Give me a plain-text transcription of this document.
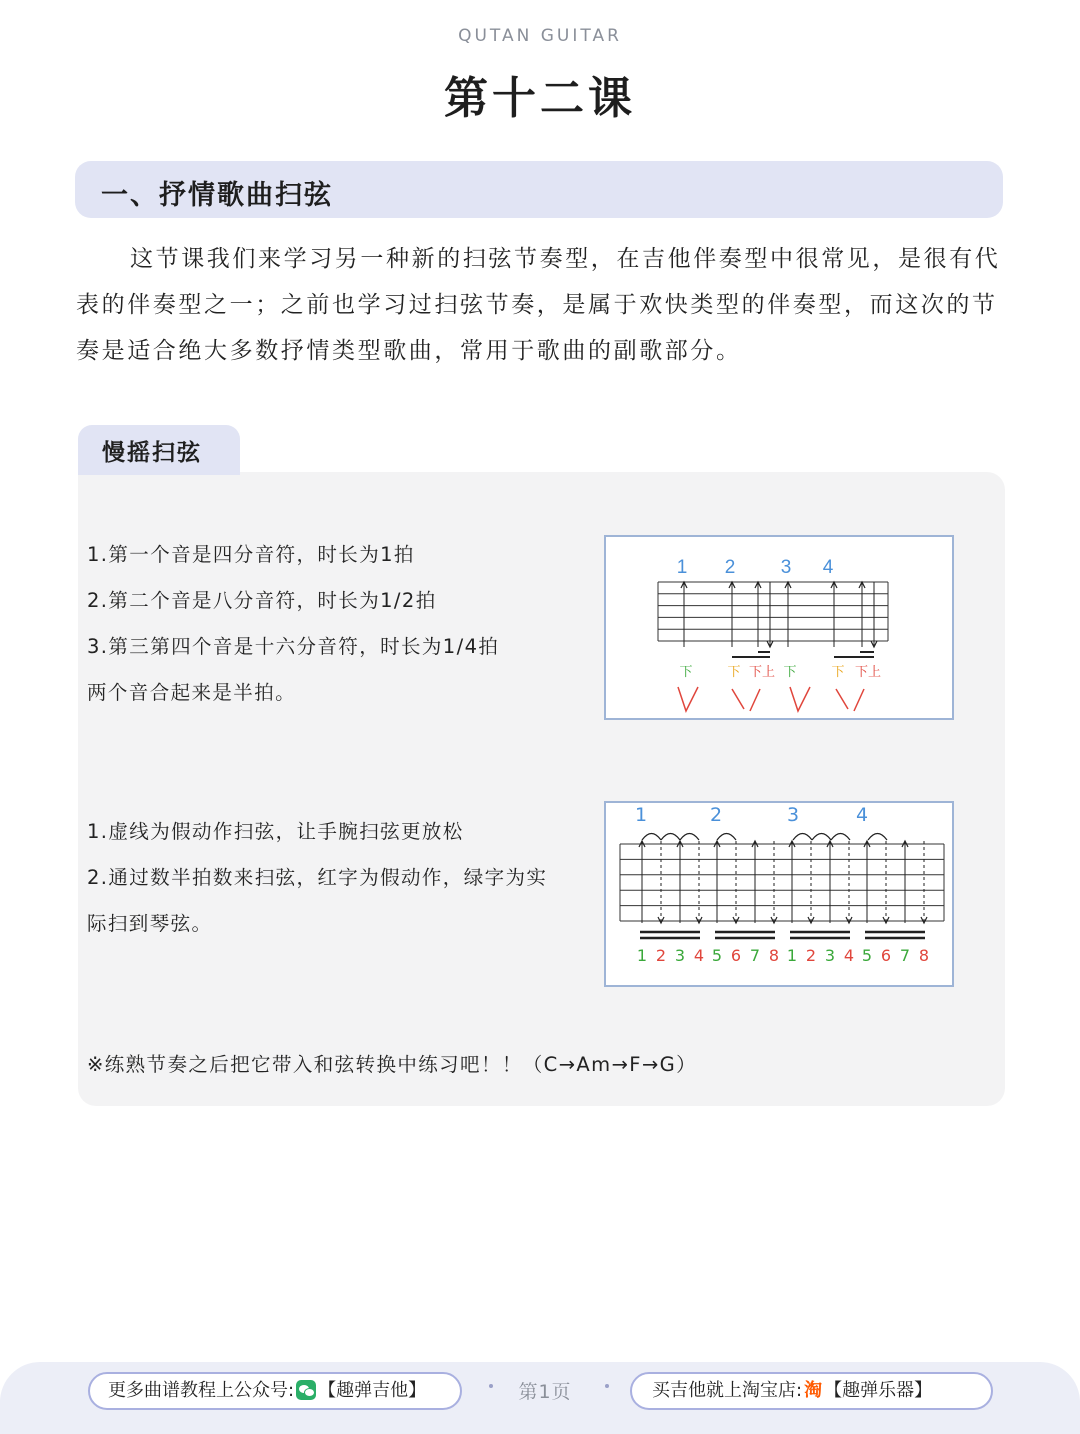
QUTAN GUITAR
第十二课
一、抒情歌曲扫弦

这节课我们来学习另一种新的扫弦节奏型，在吉他伴奏型中很常见，是很有代表的伴奏型之一；之前也学习过扫弦节奏，是属于欢快类型的伴奏型，而这次的节奏是适合绝大多数抒情类型歌曲，常用于歌曲的副歌部分。

慢摇扫弦
1.第一个音是四分音符，时长为1拍
2.第二个音是八分音符，时长为1/2拍
3.第三第四个音是十六分音符，时长为1/4拍
两个音合起来是半拍。
1.虚线为假动作扫弦，让手腕扫弦更放松
2.通过数半拍数来扫弦，红字为假动作，绿字为实际扫到琴弦。
1 2 3 4
下	下 下上 下	下 下上
1	2	3	4
1 2 3 4 5 6 7 8 1 2 3 4 5 6 7 8
※练熟节奏之后把它带入和弦转换中练习吧！！（C→Am→F→G）
更多曲谱教程上公众号: 【趣弹吉他】	第1页	买吉他就上淘宝店: 淘 【趣弹乐器】
